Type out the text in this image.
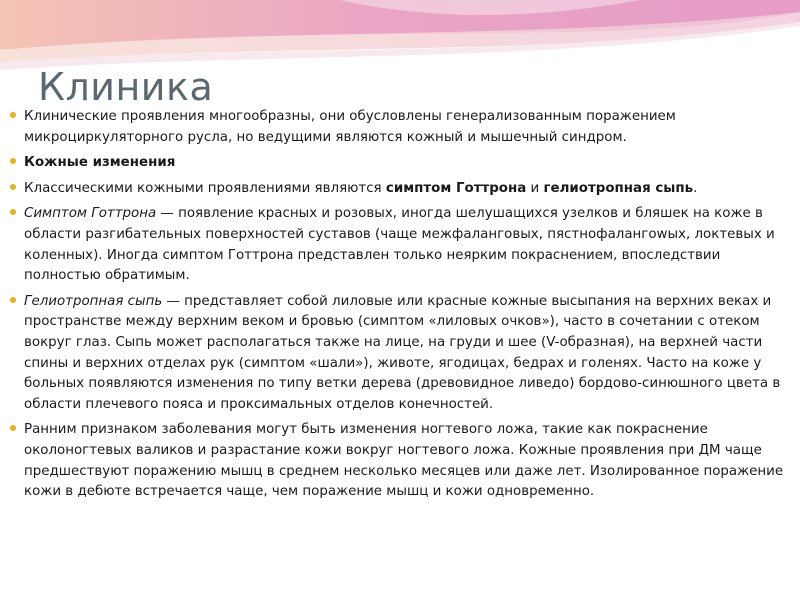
Клиника
Клинические проявления многообразны, они обусловлены генерализованным поражением микроциркуляторного русла, но ведущими являются кожный и мышечный синдром.
Кожные изменения
Классическими кожными проявлениями являются симптом Готтрона и гелиотропная сыпь.
Симптом Готтрона — появление красных и розовых, иногда шелушащихся узелков и бляшек на коже в области разгибательных поверхностей суставов (чаще межфаланговых, пястнофалангowых, локтевых и коленных). Иногда симптом Готтрона представлен только неярким покраснением, впоследствии полностью обратимым.
Гелиотропная сыпь — представляет собой лиловые или красные кожные высыпания на верхних веках и пространстве между верхним веком и бровью (симптом «лиловых очков»), часто в сочетании с отеком вокруг глаз. Сыпь может располагаться также на лице, на груди и шее (V-образная), на верхней части спины и верхних отделах рук (симптом «шали»), животе, ягодицах, бедрах и голенях. Часто на коже у больных появляются изменения по типу ветки дерева (древовидное ливедо) бордово-синюшного цвета в области плечевого пояса и проксимальных отделов конечностей.
Ранним признаком заболевания могут быть изменения ногтевого ложа, такие как покраснение околоногтевых валиков и разрастание кожи вокруг ногтевого ложа. Кожные проявления при ДМ чаще предшествуют поражению мышц в среднем несколько месяцев или даже лет. Изолированное поражение кожи в дебюте встречается чаще, чем поражение мышц и кожи одновременно.
